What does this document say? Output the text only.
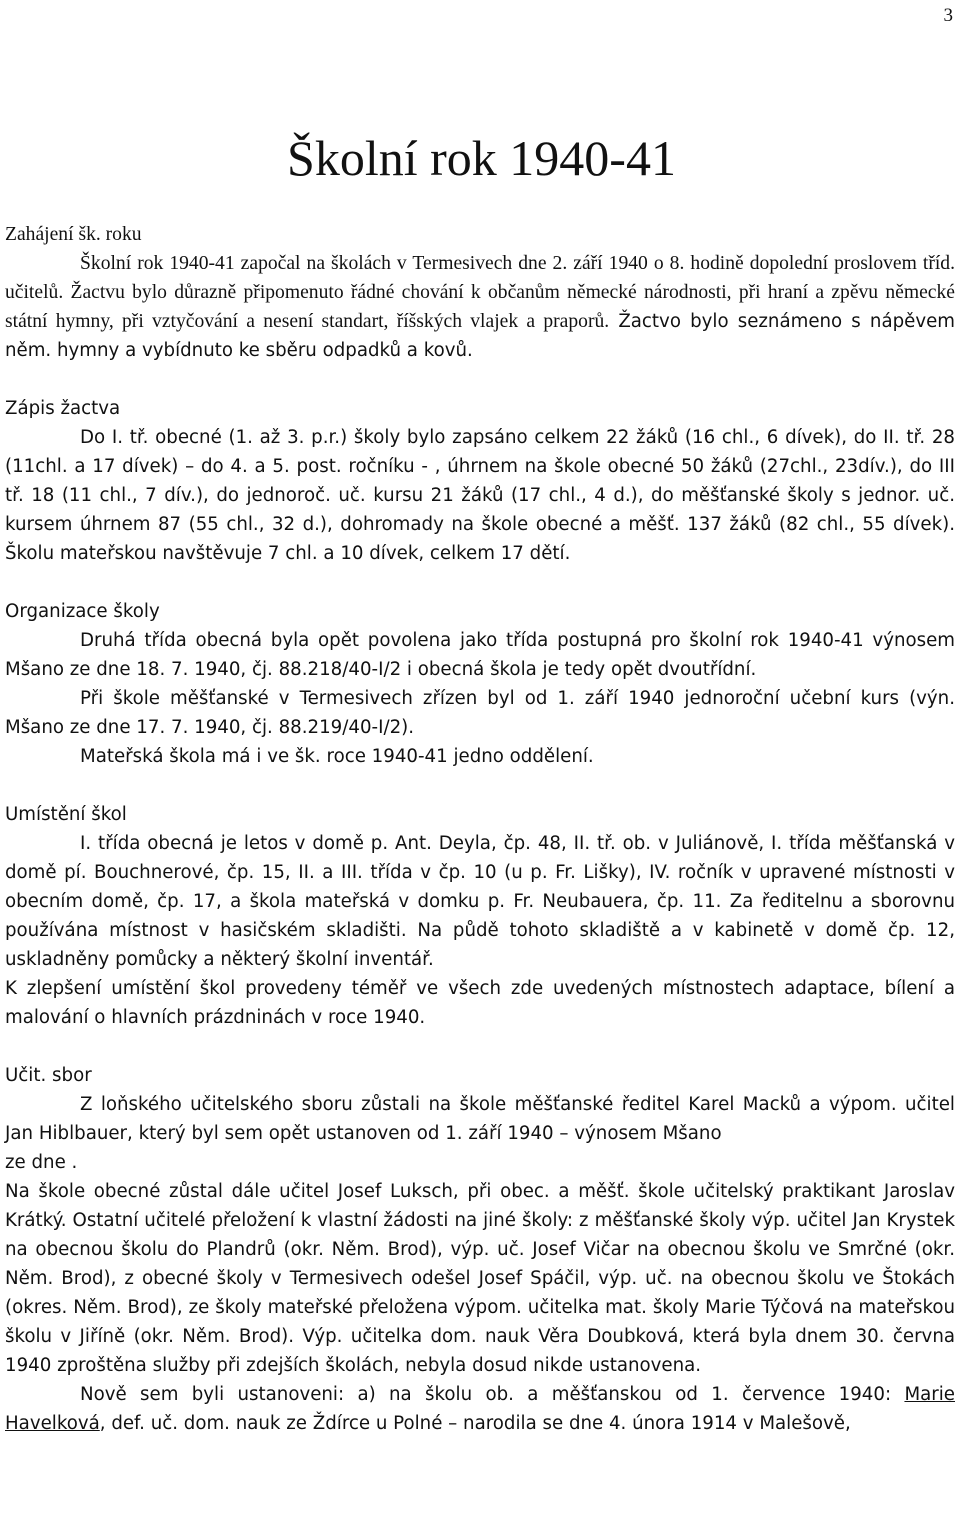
3
Školní rok 1940-41

Zahájení šk. roku

Školní rok 1940-41 započal na školách v Termesivech dne 2. září 1940 o 8. hodině dopolední proslovem tříd. učitelů. Žactvu bylo důrazně připomenuto řádné chování k občanům německé národnosti, při hraní a zpěvu německé státní hymny, při vztyčování a nesení standart, říšských vlajek a praporů. Žactvo bylo seznámeno s nápěvem něm. hymny a vybídnuto ke sběru odpadků a kovů.

Zápis žactva

Do I. tř. obecné (1. až 3. p.r.) školy bylo zapsáno celkem 22 žáků (16 chl., 6 dívek), do II. tř. 28 (11chl. a 17 dívek) – do 4. a 5. post. ročníku - , úhrnem na škole obecné 50 žáků (27chl., 23dív.), do III tř. 18 (11 chl., 7 dív.), do jednoroč. uč. kursu 21 žáků (17 chl., 4 d.), do měšťanské školy s jednor. uč. kursem úhrnem 87 (55 chl., 32 d.), dohromady na škole obecné a měšť. 137 žáků (82 chl., 55 dívek). Školu mateřskou navštěvuje 7 chl. a 10 dívek, celkem 17 dětí.

Organizace školy

Druhá třída obecná byla opět povolena jako třída postupná pro školní rok 1940-41 výnosem Mšano ze dne 18. 7. 1940, čj. 88.218/40-I/2 i obecná škola je tedy opět dvoutřídní.

Při škole měšťanské v Termesivech zřízen byl od 1. září 1940 jednoroční učební kurs (výn. Mšano ze dne 17. 7. 1940, čj. 88.219/40-I/2).

Mateřská škola má i ve šk. roce 1940-41 jedno oddělení.

Umístění škol

I. třída obecná je letos v domě p. Ant. Deyla, čp. 48, II. tř. ob. v Juliánově, I. třída měšťanská v domě pí. Bouchnerové, čp. 15, II. a III. třída v čp. 10 (u p. Fr. Lišky), IV. ročník v upravené místnosti v obecním domě, čp. 17, a škola mateřská v domku p. Fr. Neubauera, čp. 11. Za ředitelnu a sborovnu používána místnost v hasičském skladišti. Na půdě tohoto skladiště a v kabinetě v domě čp. 12, uskladněny pomůcky a některý školní inventář.

K zlepšení umístění škol provedeny téměř ve všech zde uvedených místnostech adaptace, bílení a malování o hlavních prázdninách v roce 1940.

Učit. sbor

Z loňského učitelského sboru zůstali na škole měšťanské ředitel Karel Macků a výpom. učitel Jan Hiblbauer, který byl sem opět ustanoven od 1. září 1940 – výnosem Mšano

ze dne .

Na škole obecné zůstal dále učitel Josef Luksch, při obec. a měšť. škole učitelský praktikant Jaroslav Krátký. Ostatní učitelé přeložení k vlastní žádosti na jiné školy: z měšťanské školy výp. učitel Jan Krystek na obecnou školu do Plandrů (okr. Něm. Brod), výp. uč. Josef Vičar na obecnou školu ve Smrčné (okr. Něm. Brod), z obecné školy v Termesivech odešel Josef Spáčil, výp. uč. na obecnou školu ve Štokách (okres. Něm. Brod), ze školy mateřské přeložena výpom. učitelka mat. školy Marie Týčová na mateřskou školu v Jiříně (okr. Něm. Brod). Výp. učitelka dom. nauk Věra Doubková, která byla dnem 30. června 1940 zproštěna služby při zdejších školách, nebyla dosud nikde ustanovena.

Nově sem byli ustanoveni: a) na školu ob. a měšťanskou od 1. července 1940: Marie Havelková, def. uč. dom. nauk ze Ždírce u Polné – narodila se dne 4. února 1914 v Malešově,
